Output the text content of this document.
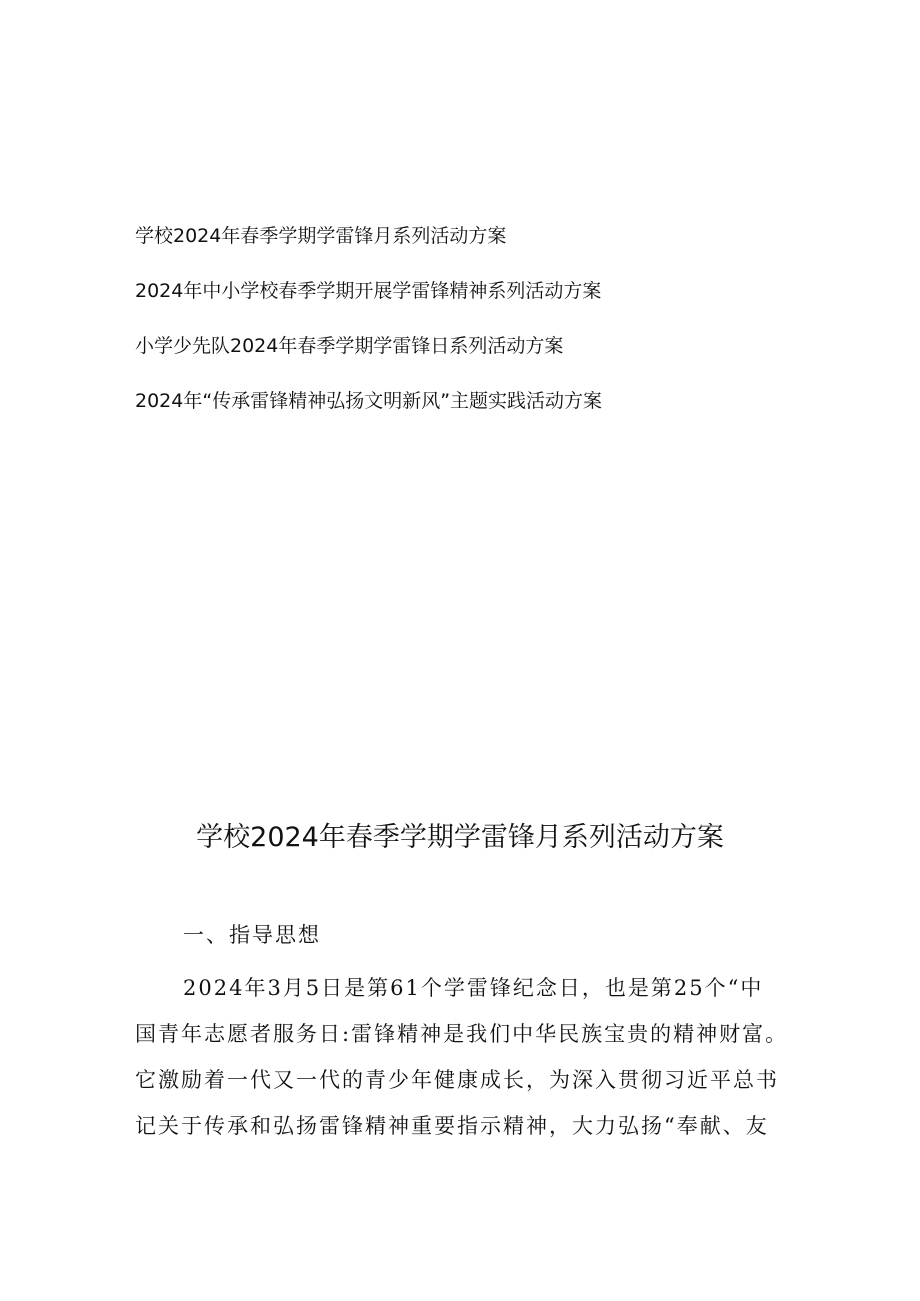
学校2024年春季学期学雷锋月系列活动方案
2024年中小学校春季学期开展学雷锋精神系列活动方案
小学少先队2024年春季学期学雷锋日系列活动方案
2024年“传承雷锋精神弘扬文明新风”主题实践活动方案
学校2024年春季学期学雷锋月系列活动方案
一、指导思想
2024年3月5日是第61个学雷锋纪念日，也是第25个“中
国青年志愿者服务日:雷锋精神是我们中华民族宝贵的精神财富。
它激励着一代又一代的青少年健康成长，为深入贯彻习近平总书
记关于传承和弘扬雷锋精神重要指示精神，大力弘扬“奉献、友
